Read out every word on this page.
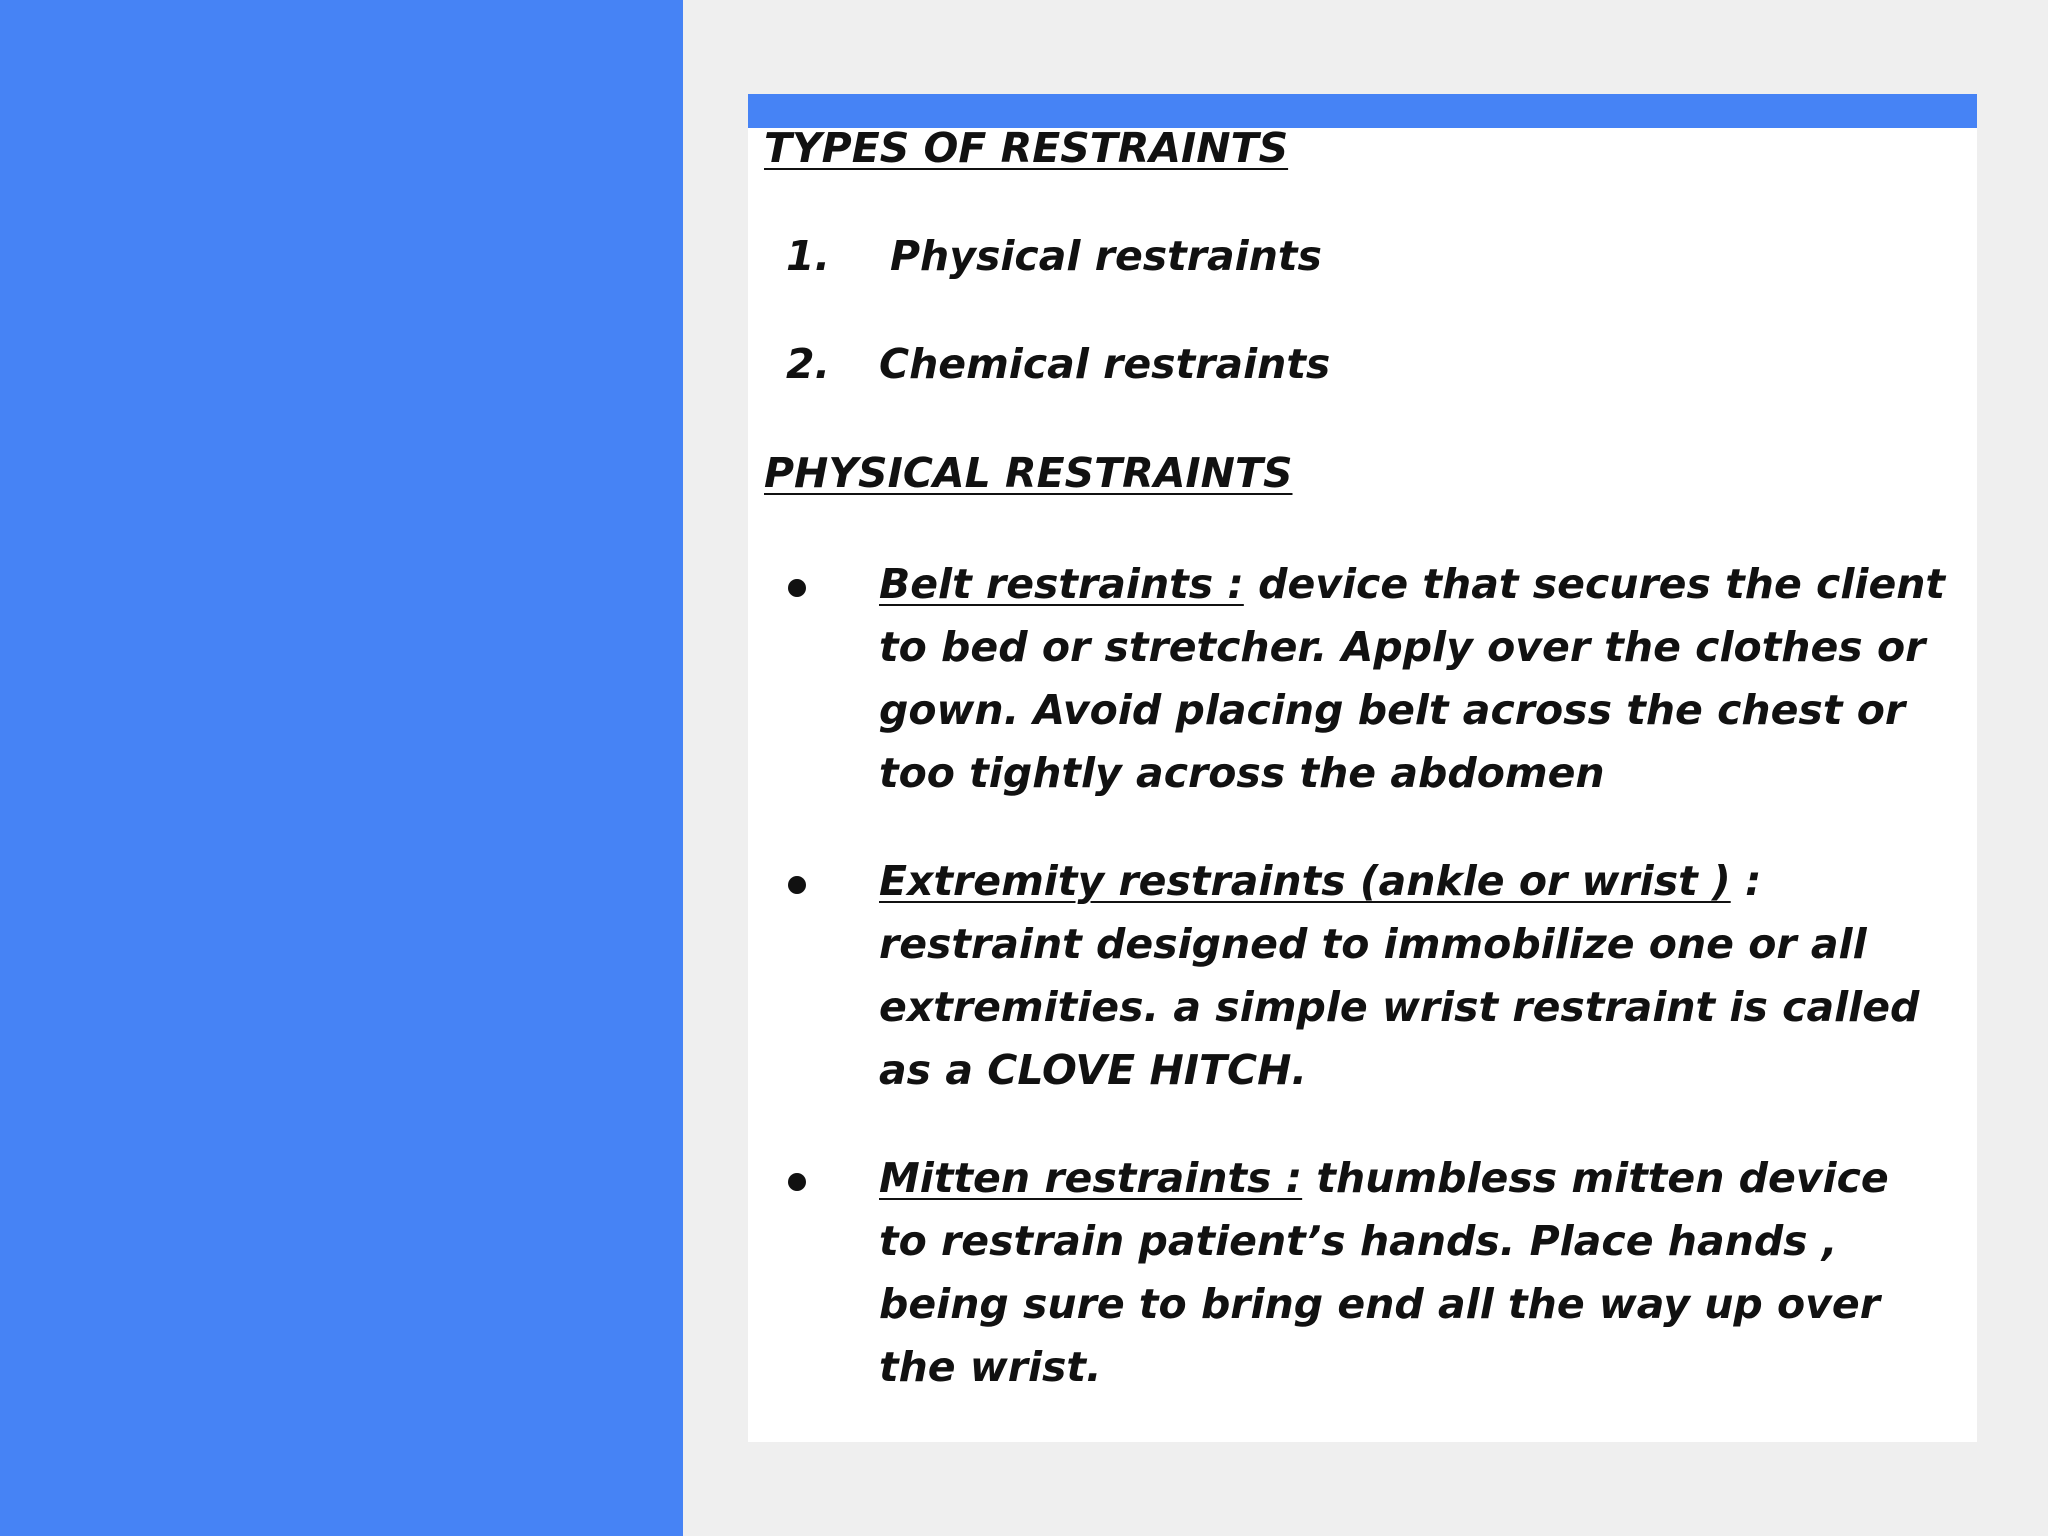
TYPES OF RESTRAINTS

1. Physical restraints

2. Chemical restraints

PHYSICAL RESTRAINTS

Belt restraints : device that secures the client to bed or stretcher. Apply over the clothes or gown. Avoid placing belt across the chest or too tightly across the abdomen

Extremity restraints (ankle or wrist ) : restraint designed to immobilize one or all extremities. a simple wrist restraint is called as a CLOVE HITCH.

Mitten restraints : thumbless mitten device to restrain patient’s hands. Place hands , being sure to bring end all the way up over the wrist.
